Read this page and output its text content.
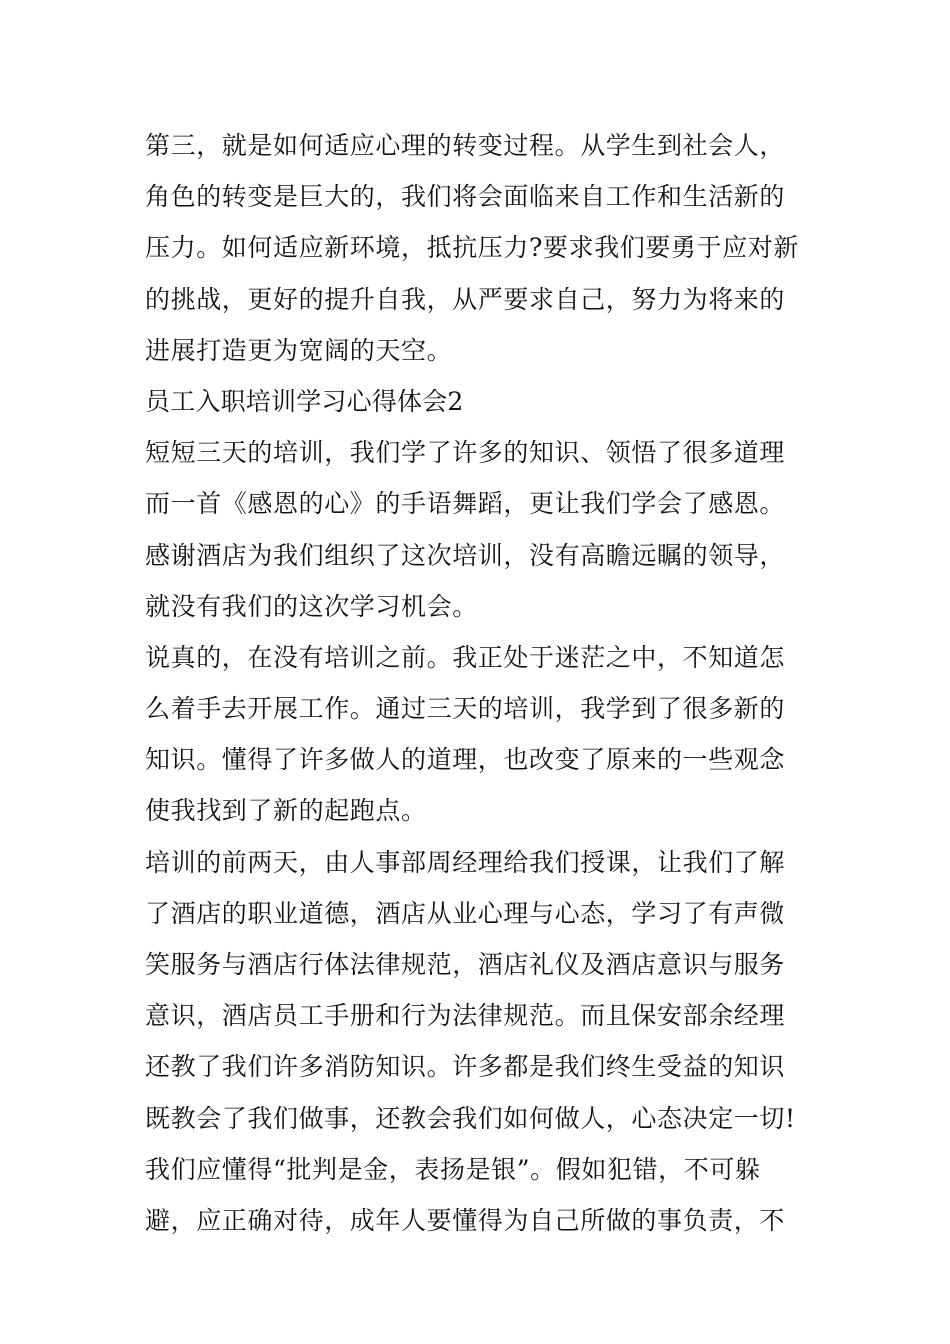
第三，就是如何适应心理的转变过程。从学生到社会人，
角色的转变是巨大的，我们将会面临来自工作和生活新的
压力。如何适应新环境，抵抗压力?要求我们要勇于应对新
的挑战，更好的提升自我，从严要求自己，努力为将来的
进展打造更为宽阔的天空。
员工入职培训学习心得体会2
短短三天的培训，我们学了许多的知识、领悟了很多道理
而一首《感恩的心》的手语舞蹈，更让我们学会了感恩。
感谢酒店为我们组织了这次培训，没有高瞻远瞩的领导，
就没有我们的这次学习机会。
说真的，在没有培训之前。我正处于迷茫之中，不知道怎
么着手去开展工作。通过三天的培训，我学到了很多新的
知识。懂得了许多做人的道理，也改变了原来的一些观念
使我找到了新的起跑点。
培训的前两天，由人事部周经理给我们授课，让我们了解
了酒店的职业道德，酒店从业心理与心态，学习了有声微
笑服务与酒店行体法律规范，酒店礼仪及酒店意识与服务
意识，酒店员工手册和行为法律规范。而且保安部余经理
还教了我们许多消防知识。许多都是我们终生受益的知识
既教会了我们做事，还教会我们如何做人，心态决定一切!
我们应懂得“批判是金，表扬是银”。假如犯错，不可躲
避，应正确对待，成年人要懂得为自己所做的事负责，不
